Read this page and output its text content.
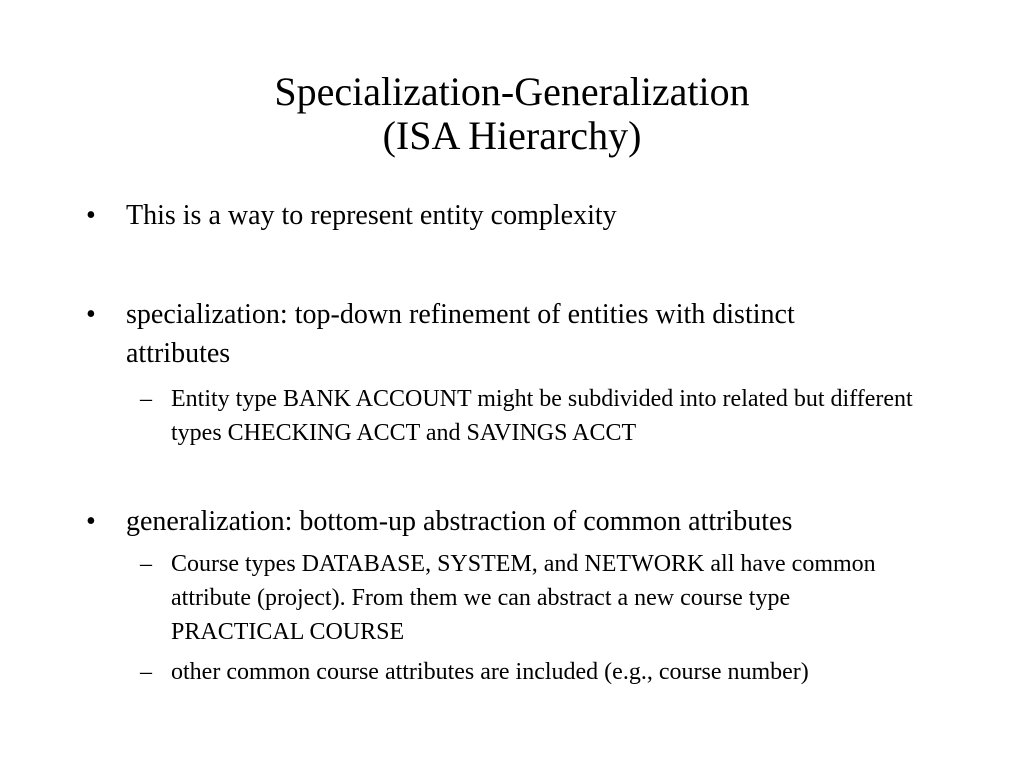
Specialization-Generalization
(ISA Hierarchy)
• This is a way to represent entity complexity
• specialization: top-down refinement of entities with distinct attributes
– Entity type BANK ACCOUNT might be subdivided into related but different types CHECKING ACCT and SAVINGS ACCT
• generalization: bottom-up abstraction of common attributes
– Course types DATABASE, SYSTEM, and NETWORK all have common attribute (project). From them we can abstract a new course type PRACTICAL COURSE
– other common course attributes are included (e.g., course number)
